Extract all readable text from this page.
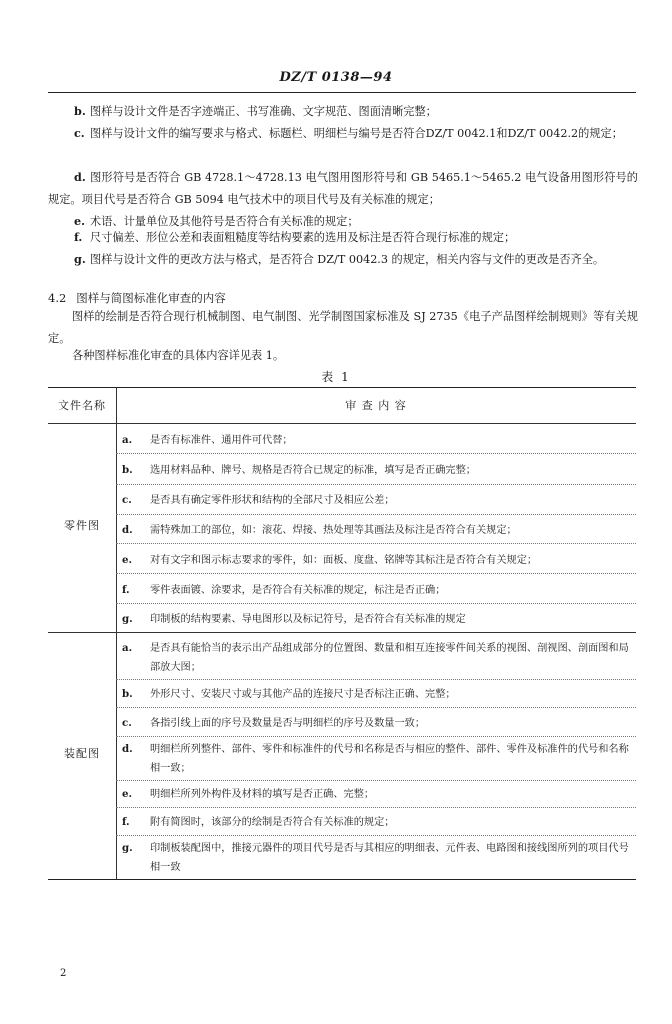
DZ/T 0138—94
b. 图样与设计文件是否字迹端正、书写准确、文字规范、图面清晰完整；
c. 图样与设计文件的编写要求与格式、标题栏、明细栏与编号是否符合DZ/T 0042.1和DZ/T 0042.2的规定；
d. 图形符号是否符合 GB 4728.1～4728.13 电气图用图形符号和 GB 5465.1～5465.2 电气设备用图形符号的规定。项目代号是否符合 GB 5094 电气技术中的项目代号及有关标准的规定；
e. 术语、计量单位及其他符号是否符合有关标准的规定；
f. 尺寸偏差、形位公差和表面粗糙度等结构要素的选用及标注是否符合现行标准的规定；
g. 图样与设计文件的更改方法与格式，是否符合 DZ/T 0042.3 的规定，相关内容与文件的更改是否齐全。
4.2 图样与简图标准化审查的内容
图样的绘制是否符合现行机械制图、电气制图、光学制图国家标准及 SJ 2735《电子产品图样绘制规则》等有关规定。
各种图样标准化审查的具体内容详见表 1。
表 1
文件名称	审 查 内 容
零件图
a.	是否有标准件、通用件可代替；
b.	选用材料品种、牌号、规格是否符合已规定的标准，填写是否正确完整；
c.	是否具有确定零件形状和结构的全部尺寸及相应公差；
d.	需特殊加工的部位，如：滚花、焊接、热处理等其画法及标注是否符合有关规定；
e.	对有文字和图示标志要求的零件，如：面板、度盘、铭牌等其标注是否符合有关规定；
f.	零件表面镀、涂要求，是否符合有关标准的规定，标注是否正确；
g.	印制板的结构要素、导电图形以及标记符号，是否符合有关标准的规定
装配图
a.	是否具有能恰当的表示出产品组成部分的位置图、数量和相互连接零件间关系的视图、剖视图、剖面图和局部放大图；
b.	外形尺寸、安装尺寸或与其他产品的连接尺寸是否标注正确、完整；
c.	各指引线上面的序号及数量是否与明细栏的序号及数量一致；
d.	明细栏所列整件、部件、零件和标准件的代号和名称是否与相应的整件、部件、零件及标准件的代号和名称相一致；
e.	明细栏所列外构件及材料的填写是否正确、完整；
f.	附有简图时，该部分的绘制是否符合有关标准的规定；
g.	印制板装配图中，推接元器件的项目代号是否与其相应的明细表、元件表、电路图和接线图所列的项目代号相一致
2
